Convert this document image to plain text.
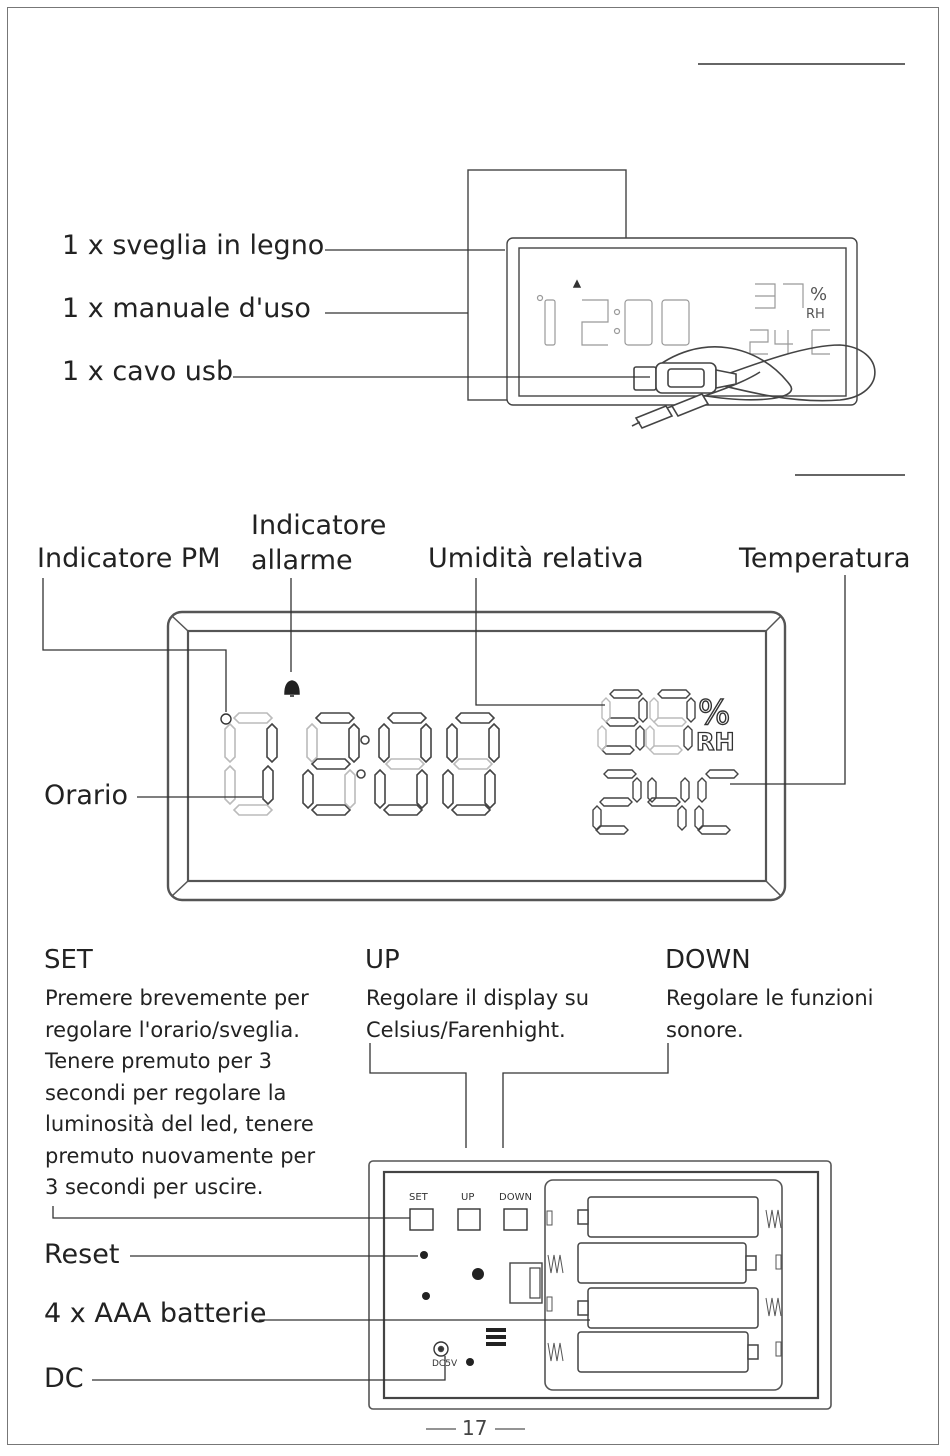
%
RH
%
RH
1 x sveglia in legno
1 x manuale d'uso
1 x cavo usb
Indicatore PM
Indicatore
allarme	Umidità relativa	Temperatura
Orario
SET
Premere brevemente per
regolare l'orario/sveglia.
Tenere premuto per 3
secondi per regolare la
luminosità del led, tenere
premuto nuovamente per
3 secondi per uscire.
UP
Regolare il display su
Celsius/Farenhight.
DOWN
Regolare le funzioni
sonore.
SET	UP DOWN
DC5V
Reset
4 x AAA batterie
DC
17
